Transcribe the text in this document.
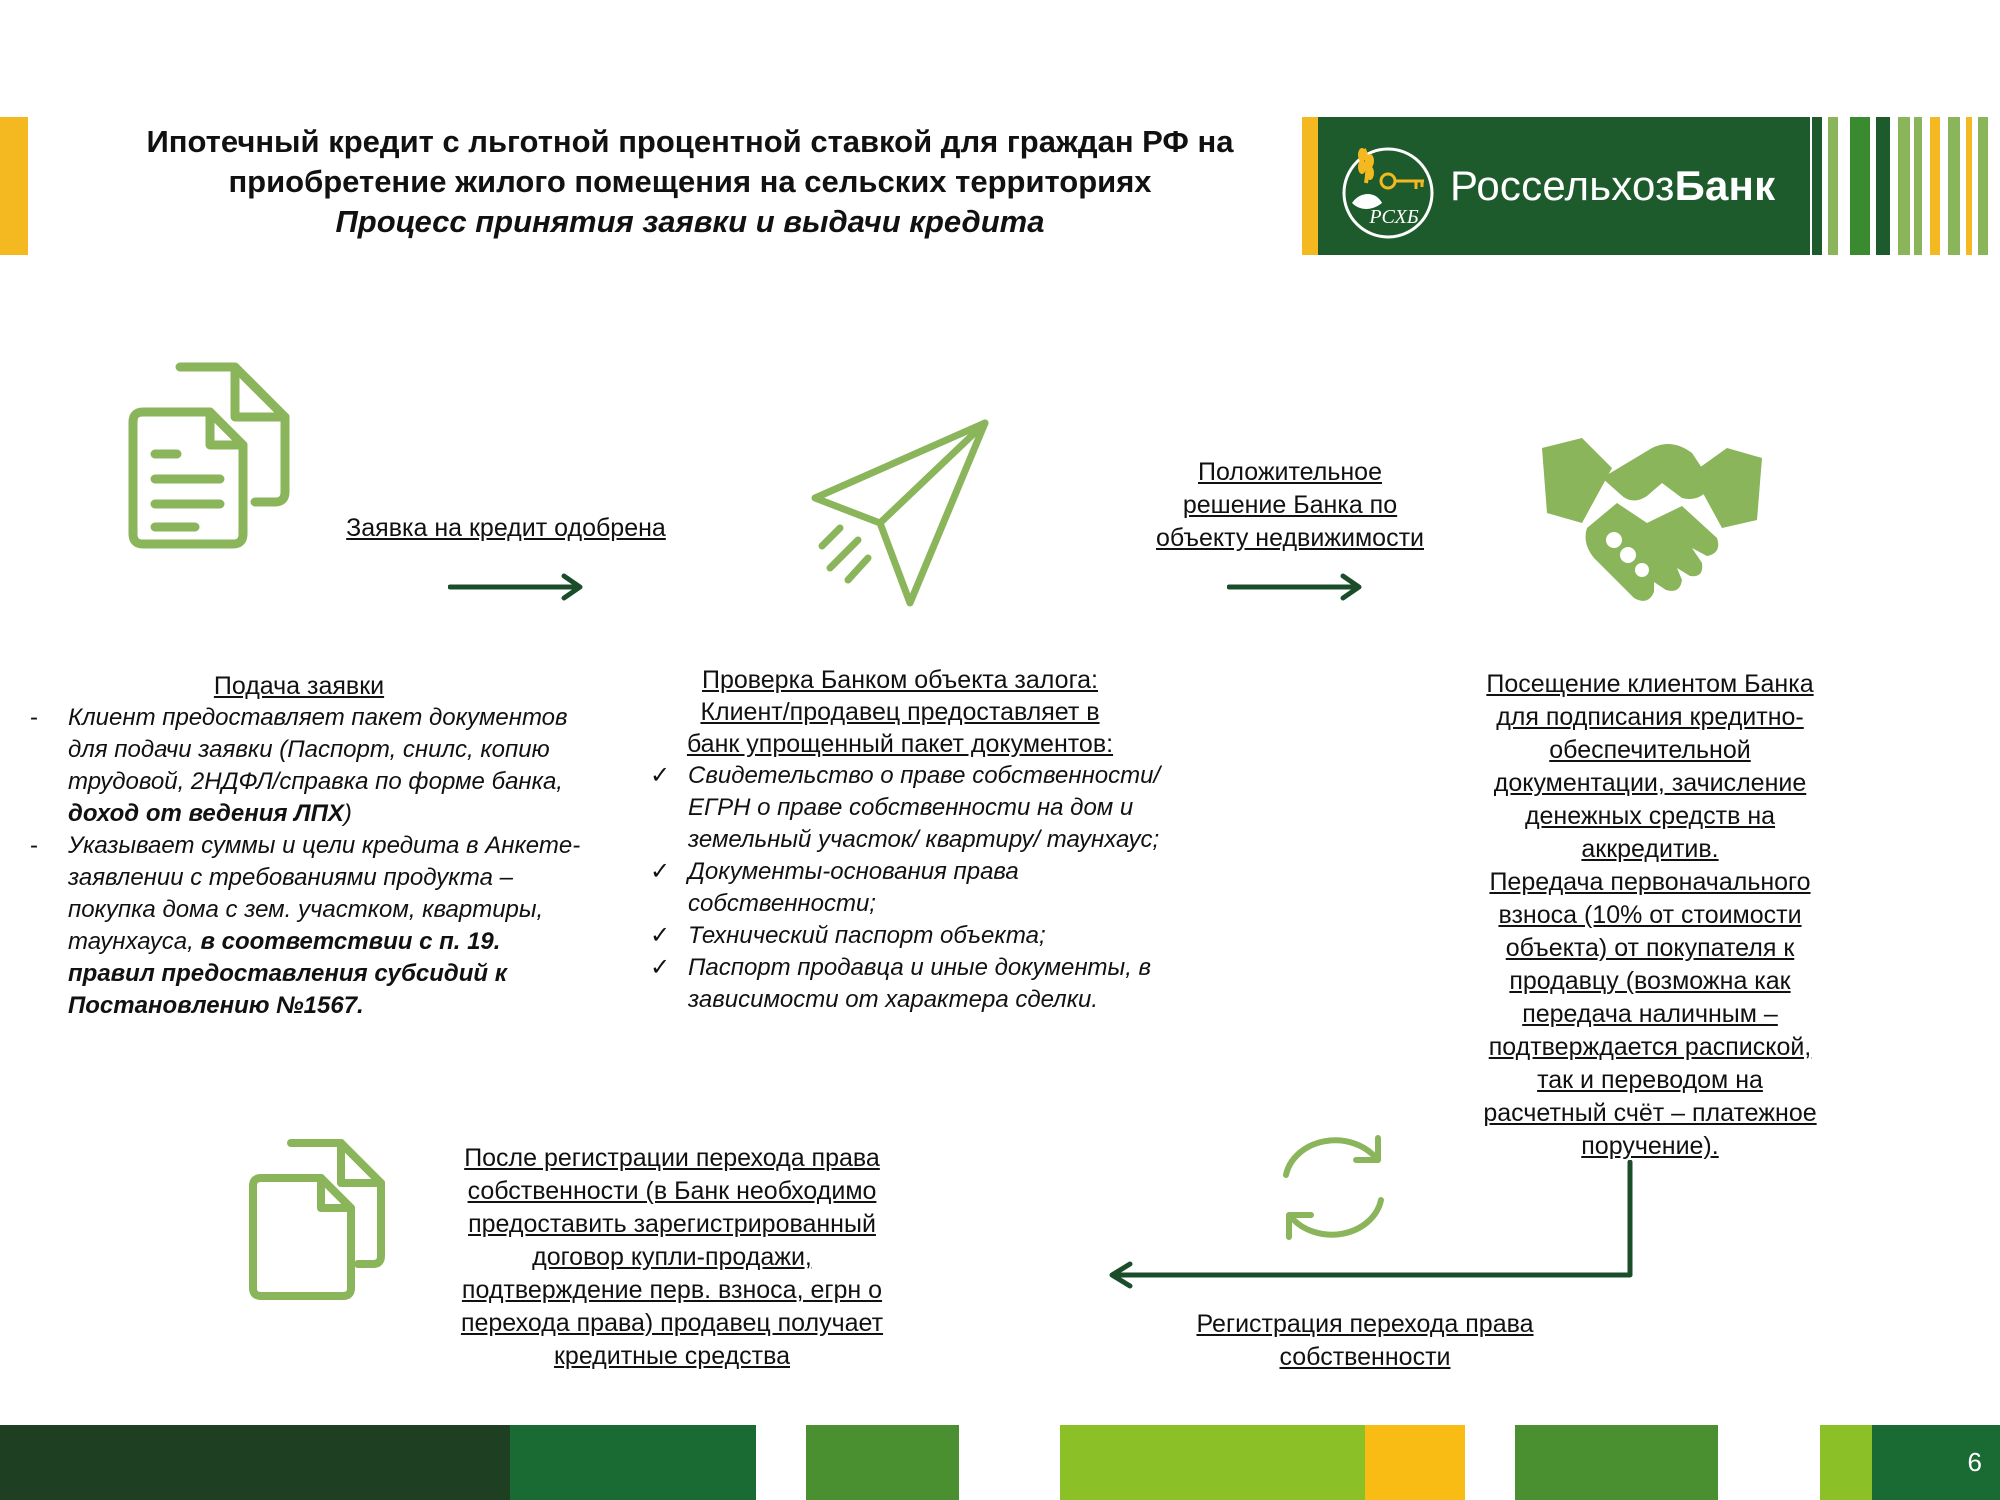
Ипотечный кредит с льготной процентной ставкой для граждан РФ на
приобретение жилого помещения на сельских территориях
Процесс принятия заявки и выдачи кредита	РСХБ
РоссельхозБанк
Заявка на кредит одобрена
Положительное
решение Банка по
объекту недвижимости
Регистрация перехода права
собственности
Подача заявки
- Клиент предоставляет пакет документов для подачи заявки (Паспорт, снилс, копию трудовой, 2НДФЛ/справка по форме банка, доход от ведения ЛПХ)
- Указывает суммы и цели кредита в Анкете-заявлении с требованиями продукта – покупка дома с зем. участком, квартиры, таунхауса, в соответствии с п. 19. правил предоставления субсидий к Постановлению №1567.
Проверка Банком объекта залога:
Клиент/продавец предоставляет в
банк упрощенный пакет документов:
✓ Свидетельство о праве собственности/ЕГРН о праве собственности на дом и земельный участок/ квартиру/ таунхаус;
✓ Документы-основания права собственности;
✓ Технический паспорт объекта;
✓ Паспорт продавца и иные документы, в зависимости от характера сделки.
Посещение клиентом Банка
для подписания кредитно-
обеспечительной
документации, зачисление
денежных средств на
аккредитив.
Передача первоначального
взноса (10% от стоимости
объекта) от покупателя к
продавцу (возможна как
передача наличным –
подтверждается распиской,
так и переводом на
расчетный счёт – платежное
поручение).
После регистрации перехода права
собственности (в Банк необходимо
предоставить зарегистрированный
договор купли-продажи,
подтверждение перв. взноса, егрн о
перехода права) продавец получает
кредитные средства
6
